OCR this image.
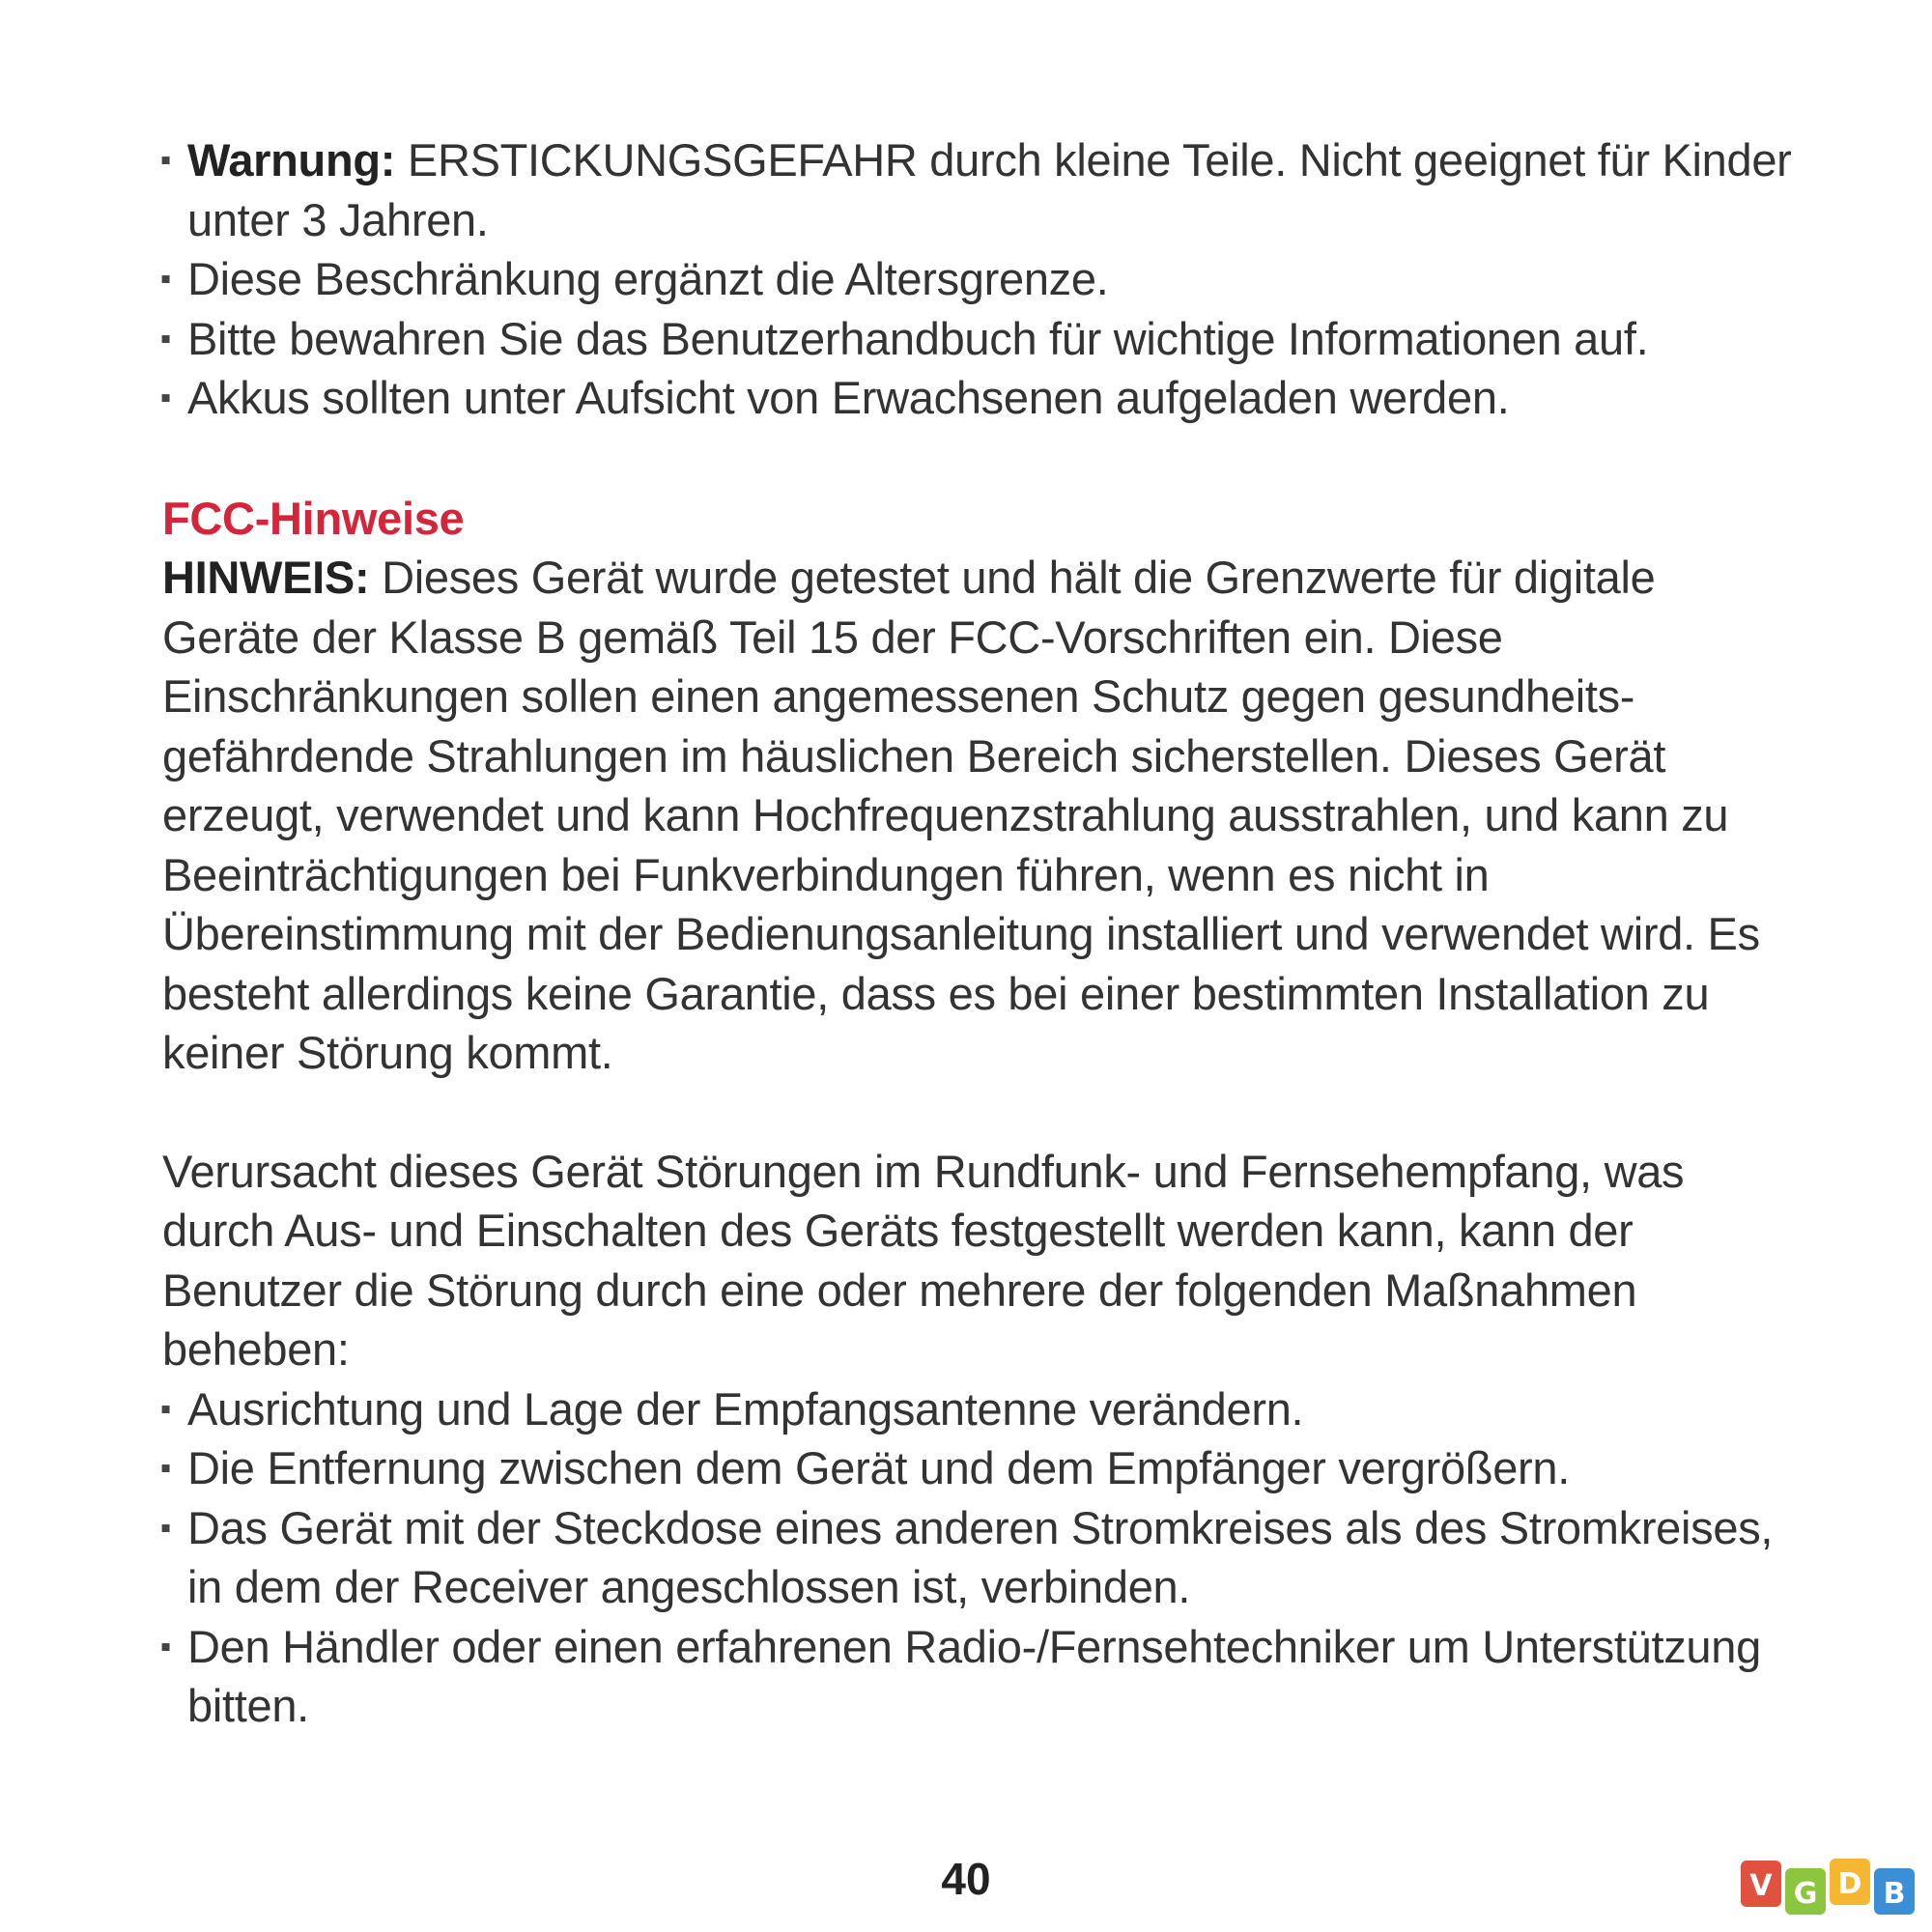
▪ Warnung: ERSTICKUNGSGEFAHR durch kleine Teile. Nicht geeignet für Kinder unter 3 Jahren.
▪ Diese Beschränkung ergänzt die Altersgrenze.
▪ Bitte bewahren Sie das Benutzerhandbuch für wichtige Informationen auf.
▪ Akkus sollten unter Aufsicht von Erwachsenen aufgeladen werden.
FCC-Hinweise

HINWEIS: Dieses Gerät wurde getestet und hält die Grenzwerte für digitale Geräte der Klasse B gemäß Teil 15 der FCC-Vorschriften ein. Diese Einschränkungen sollen einen angemessenen Schutz gegen gesundheits-gefährdende Strahlungen im häuslichen Bereich sicherstellen. Dieses Gerät erzeugt, verwendet und kann Hochfrequenzstrahlung ausstrahlen, und kann zu Beeinträchtigungen bei Funkverbindungen führen, wenn es nicht in Übereinstimmung mit der Bedienungsanleitung installiert und verwendet wird. Es besteht allerdings keine Garantie, dass es bei einer bestimmten Installation zu keiner Störung kommt.

Verursacht dieses Gerät Störungen im Rundfunk- und Fernsehempfang, was durch Aus- und Einschalten des Geräts festgestellt werden kann, kann der Benutzer die Störung durch eine oder mehrere der folgenden Maßnahmen beheben:

▪ Ausrichtung und Lage der Empfangsantenne verändern.
▪ Die Entfernung zwischen dem Gerät und dem Empfänger vergrößern.
▪ Das Gerät mit der Steckdose eines anderen Stromkreises als des Stromkreises, in dem der Receiver angeschlossen ist, verbinden.
▪ Den Händler oder einen erfahrenen Radio-/Fernsehtechniker um Unterstützung bitten.
40	V G D B
